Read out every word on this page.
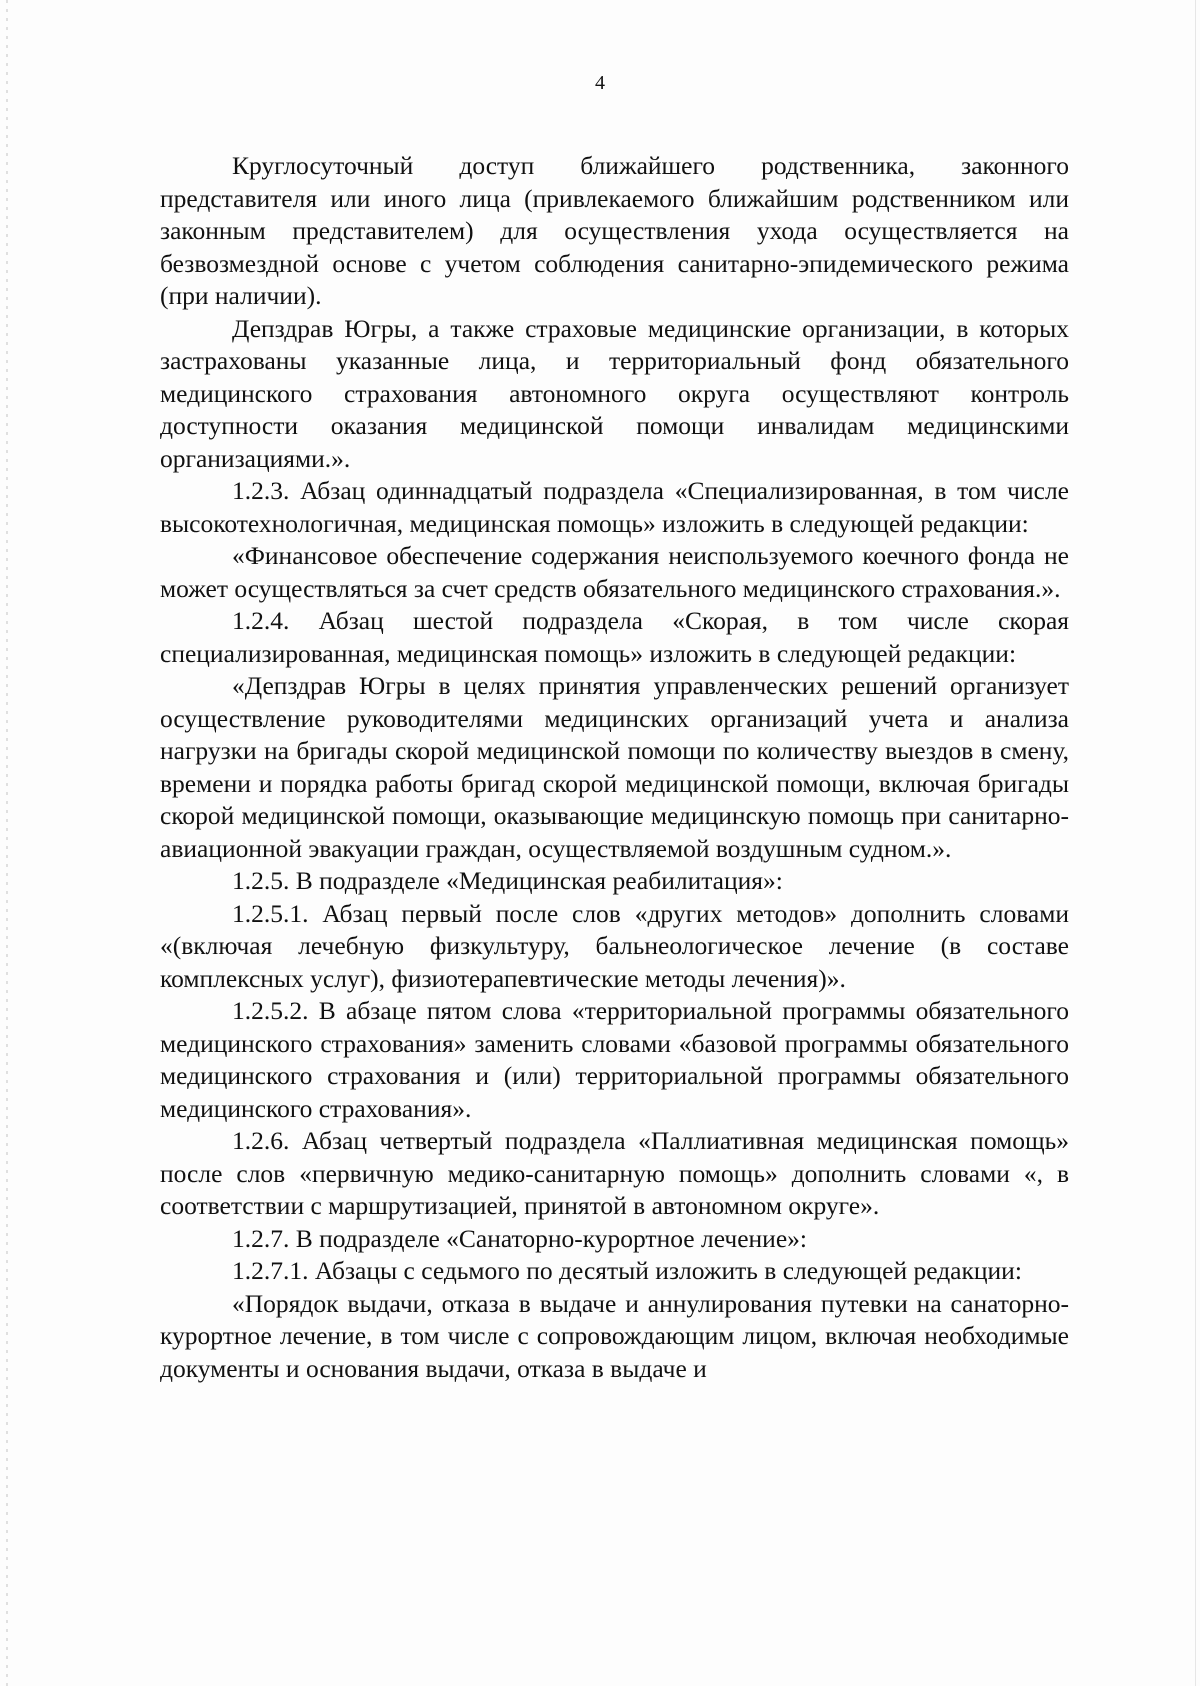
4

Круглосуточный доступ ближайшего родственника, законного представителя или иного лица (привлекаемого ближайшим родственником или законным представителем) для осуществления ухода осуществляется на безвозмездной основе с учетом соблюдения санитарно-эпидемического режима (при наличии).

Депздрав Югры, а также страховые медицинские организации, в которых застрахованы указанные лица, и территориальный фонд обязательного медицинского страхования автономного округа осуществляют контроль доступности оказания медицинской помощи инвалидам медицинскими организациями.».

1.2.3. Абзац одиннадцатый подраздела «Специализированная, в том числе высокотехнологичная, медицинская помощь» изложить в следующей редакции:

«Финансовое обеспечение содержания неиспользуемого коечного фонда не может осуществляться за счет средств обязательного медицинского страхования.».

1.2.4. Абзац шестой подраздела «Скорая, в том числе скорая специализированная, медицинская помощь» изложить в следующей редакции:

«Депздрав Югры в целях принятия управленческих решений организует осуществление руководителями медицинских организаций учета и анализа нагрузки на бригады скорой медицинской помощи по количеству выездов в смену, времени и порядка работы бригад скорой медицинской помощи, включая бригады скорой медицинской помощи, оказывающие медицинскую помощь при санитарно-авиационной эвакуации граждан, осуществляемой воздушным судном.».

1.2.5. В подразделе «Медицинская реабилитация»:

1.2.5.1. Абзац первый после слов «других методов» дополнить словами «(включая лечебную физкультуру, бальнеологическое лечение (в составе комплексных услуг), физиотерапевтические методы лечения)».

1.2.5.2. В абзаце пятом слова «территориальной программы обязательного медицинского страхования» заменить словами «базовой программы обязательного медицинского страхования и (или) территориальной программы обязательного медицинского страхования».

1.2.6. Абзац четвертый подраздела «Паллиативная медицинская помощь» после слов «первичную медико-санитарную помощь» дополнить словами «, в соответствии с маршрутизацией, принятой в автономном округе».

1.2.7. В подразделе «Санаторно-курортное лечение»:

1.2.7.1. Абзацы с седьмого по десятый изложить в следующей редакции:

«Порядок выдачи, отказа в выдаче и аннулирования путевки на санаторно-курортное лечение, в том числе с сопровождающим лицом, включая необходимые документы и основания выдачи, отказа в выдаче и
